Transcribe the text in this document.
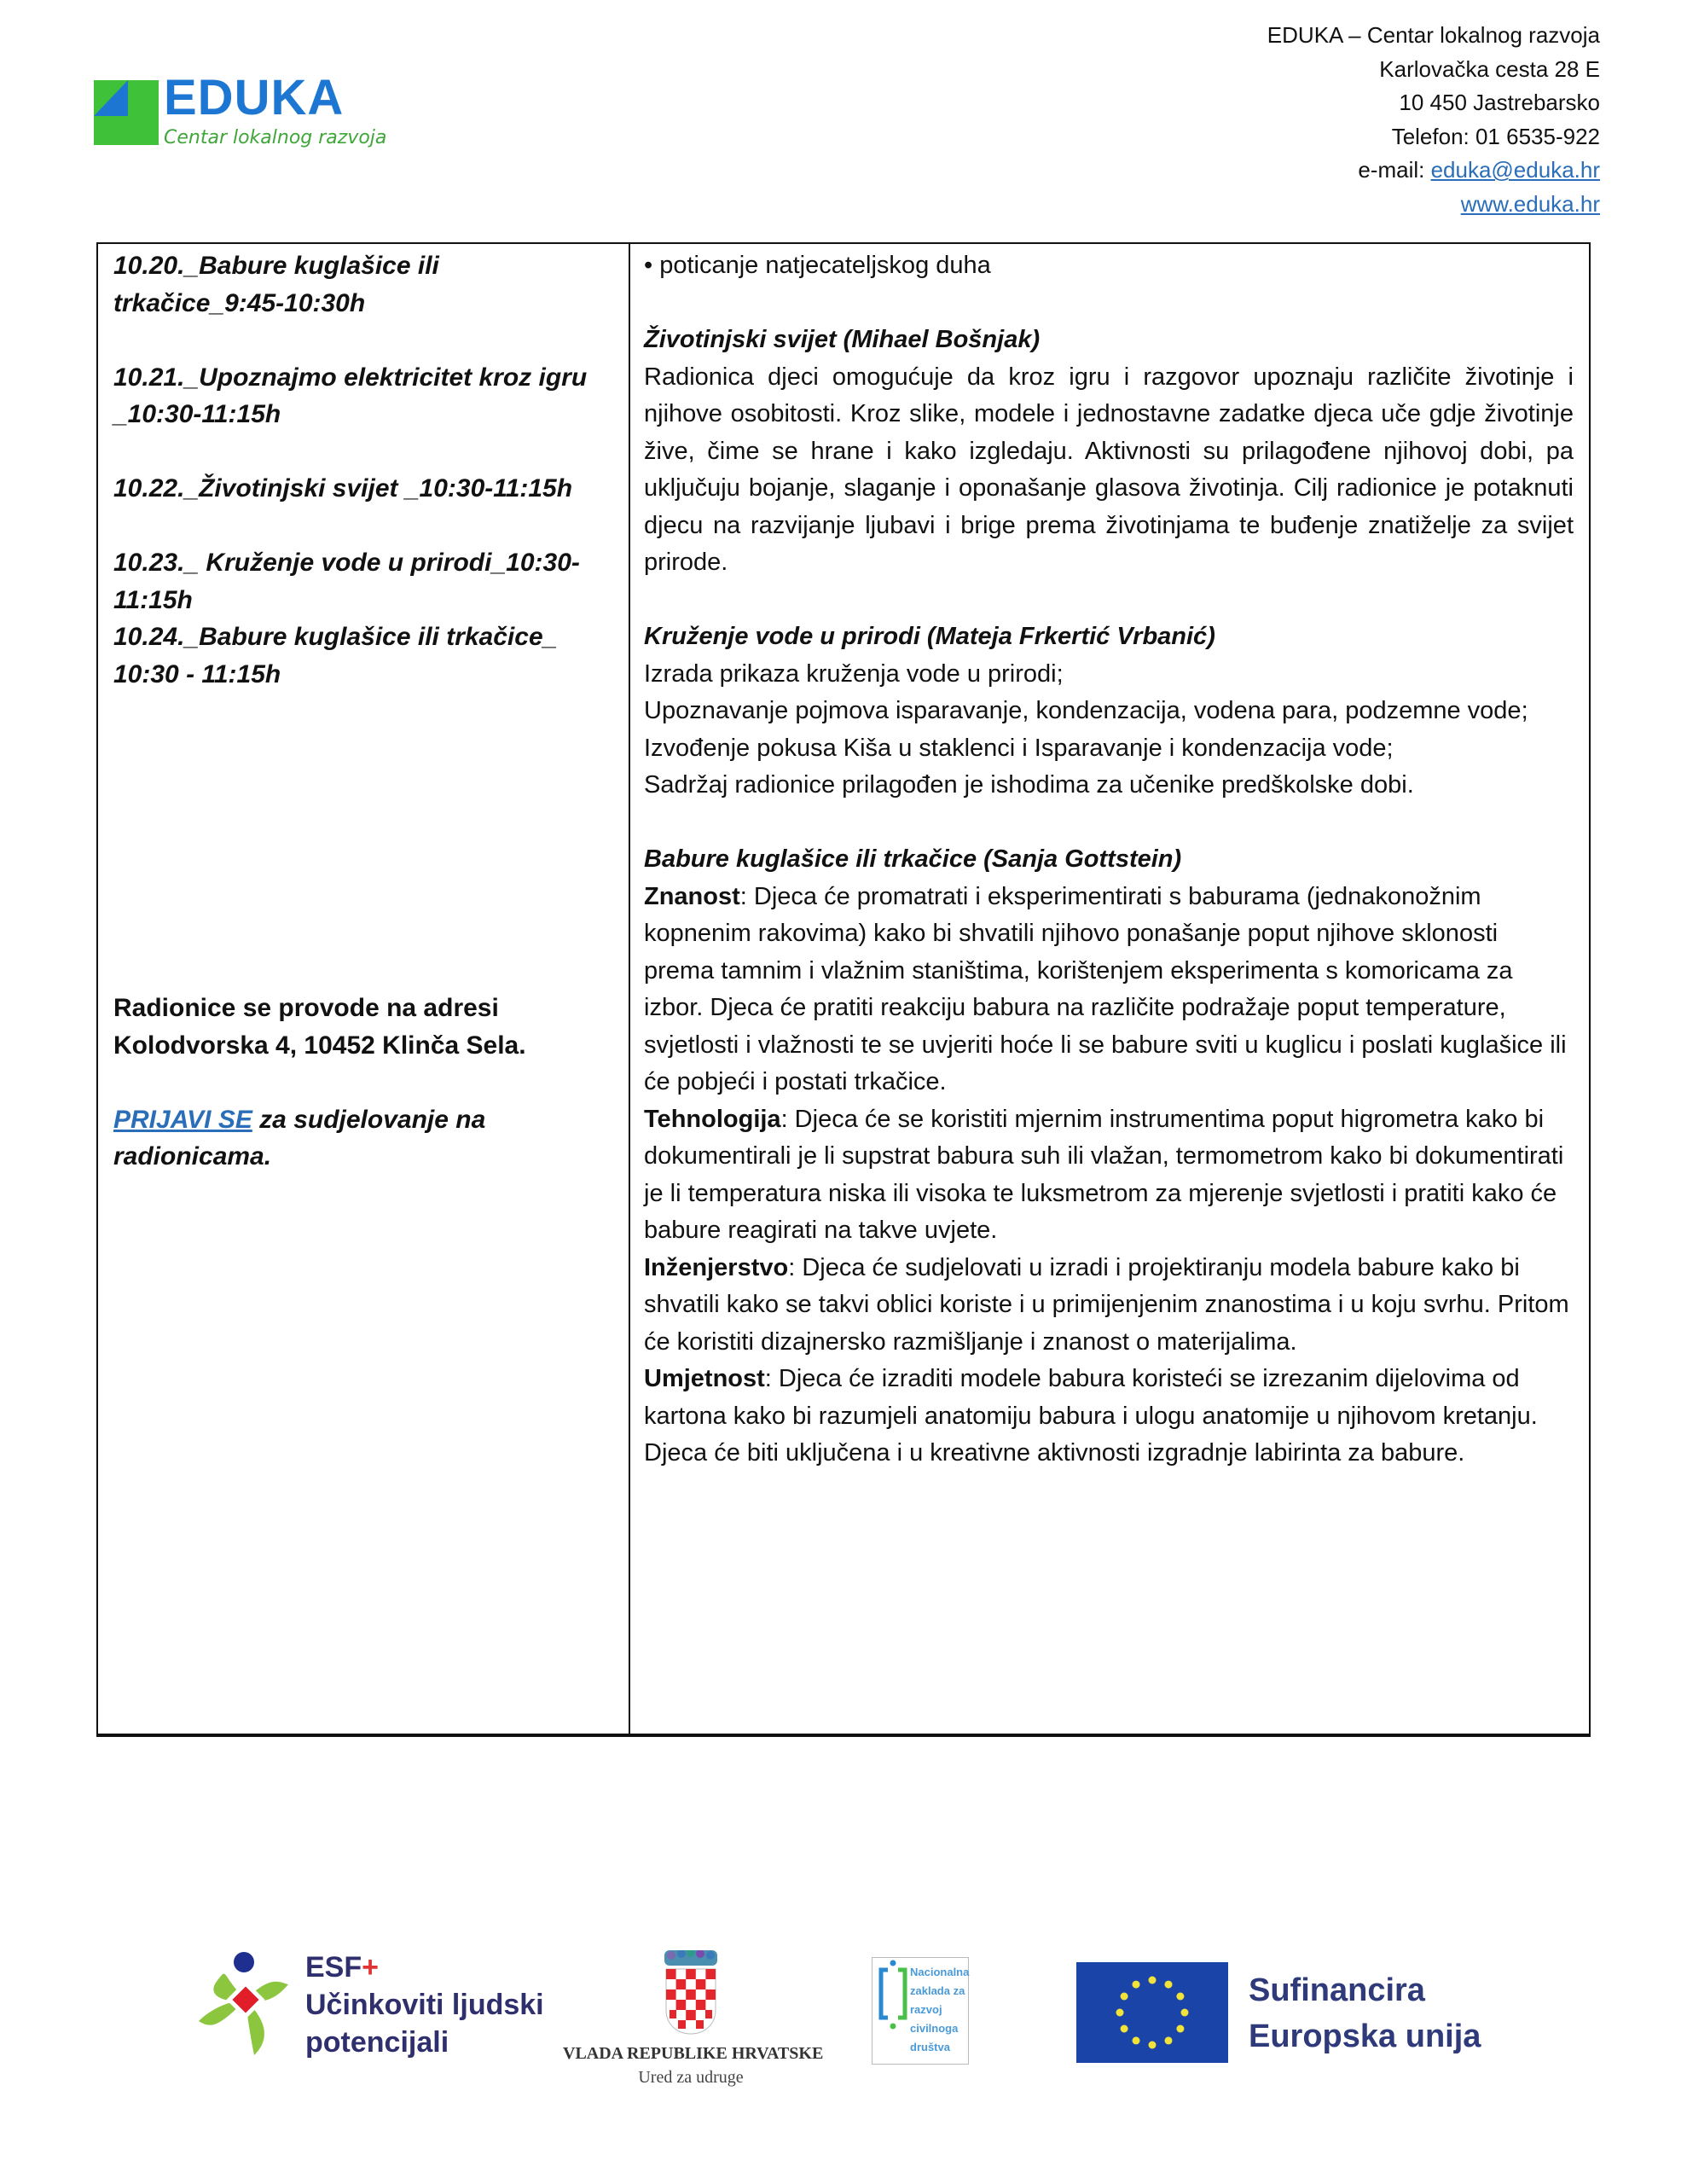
EDUKA
Centar lokalnog razvoja
EDUKA – Centar lokalnog razvoja
Karlovačka cesta 28 E
10 450 Jastrebarsko
Telefon: 01 6535-922
e-mail: eduka@eduka.hr
www.eduka.hr

10.20._Babure kuglašice ili

trkačice_9:45-10:30h

10.21._Upoznajmo elektricitet kroz igru

_10:30-11:15h

10.22._Životinjski svijet _10:30-11:15h

10.23._ Kruženje vode u prirodi_10:30-

11:15h

10.24._Babure kuglašice ili trkačice_

10:30 - 11:15h

Radionice se provode na adresi

Kolodvorska 4, 10452 Klinča Sela.

PRIJAVI SE za sudjelovanje na radionicama.

• poticanje natjecateljskog duha

Životinjski svijet (Mihael Bošnjak)

Radionica djeci omogućuje da kroz igru i razgovor upoznaju različite životinje i njihove osobitosti. Kroz slike, modele i jednostavne zadatke djeca uče gdje životinje žive, čime se hrane i kako izgledaju. Aktivnosti su prilagođene njihovoj dobi, pa uključuju bojanje, slaganje i oponašanje glasova životinja. Cilj radionice je potaknuti djecu na razvijanje ljubavi i brige prema životinjama te buđenje znatiželje za svijet prirode.

Kruženje vode u prirodi (Mateja Frkertić Vrbanić)

Izrada prikaza kruženja vode u prirodi;

Upoznavanje pojmova isparavanje, kondenzacija, vodena para, podzemne vode;

Izvođenje pokusa Kiša u staklenci i Isparavanje i kondenzacija vode;

Sadržaj radionice prilagođen je ishodima za učenike predškolske dobi.

Babure kuglašice ili trkačice (Sanja Gottstein)

Znanost: Djeca će promatrati i eksperimentirati s baburama (jednakonožnim kopnenim rakovima) kako bi shvatili njihovo ponašanje poput njihove sklonosti prema tamnim i vlažnim staništima, korištenjem eksperimenta s komoricama za izbor. Djeca će pratiti reakciju babura na različite podražaje poput temperature, svjetlosti i vlažnosti te se uvjeriti hoće li se babure sviti u kuglicu i poslati kuglašice ili će pobjeći i postati trkačice.

Tehnologija: Djeca će se koristiti mjernim instrumentima poput higrometra kako bi dokumentirali je li supstrat babura suh ili vlažan, termometrom kako bi dokumentirati je li temperatura niska ili visoka te luksmetrom za mjerenje svjetlosti i pratiti kako će babure reagirati na takve uvjete.

Inženjerstvo: Djeca će sudjelovati u izradi i projektiranju modela babure kako bi shvatili kako se takvi oblici koriste i u primijenjenim znanostima i u koju svrhu. Pritom će koristiti dizajnersko razmišljanje i znanost o materijalima.

Umjetnost: Djeca će izraditi modele babura koristeći se izrezanim dijelovima od kartona kako bi razumjeli anatomiju babura i ulogu anatomije u njihovom kretanju. Djeca će biti uključena i u kreativne aktivnosti izgradnje labirinta za babure.

ESF+
Učinkoviti ljudski
potencijali	VLADA REPUBLIKE HRVATSKE
Ured za udruge
Nacionalna
zaklada za
razvoj
civilnoga
društva
Sufinancira
Europska unija
